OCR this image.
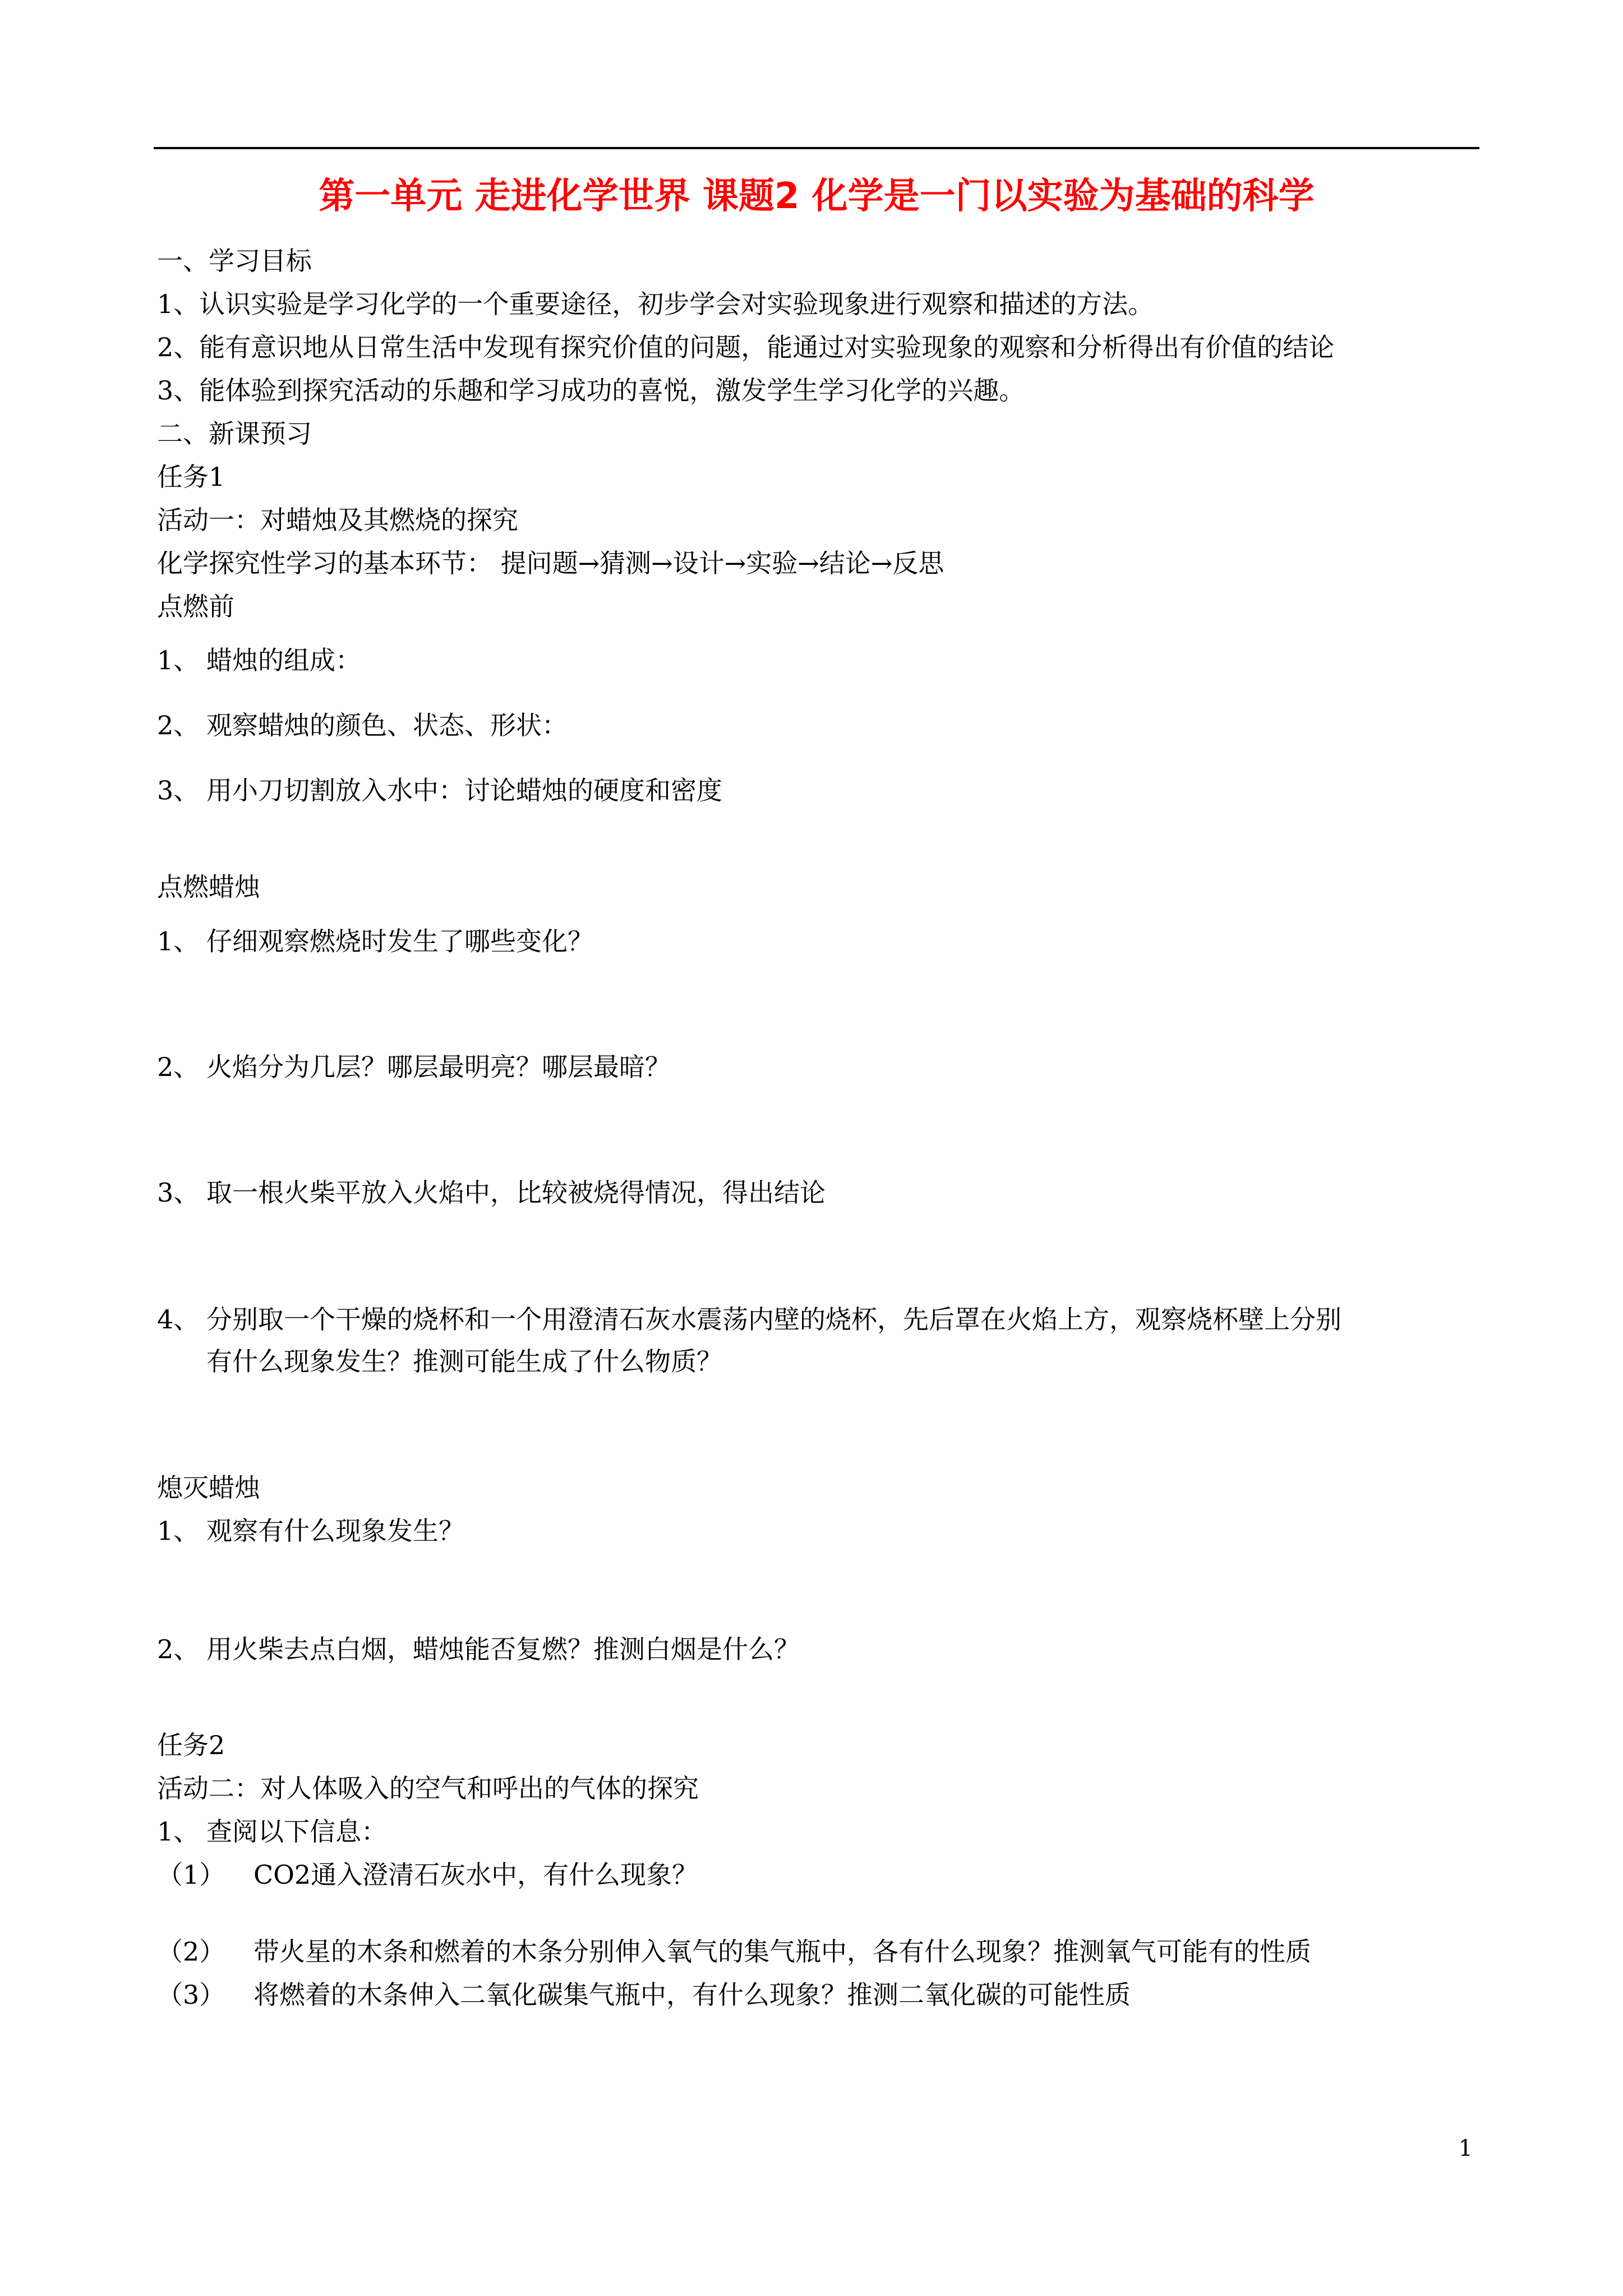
第一单元 走进化学世界 课题2 化学是一门以实验为基础的科学
一、学习目标
1、认识实验是学习化学的一个重要途径，初步学会对实验现象进行观察和描述的方法。
2、能有意识地从日常生活中发现有探究价值的问题，能通过对实验现象的观察和分析得出有价值的结论
3、能体验到探究活动的乐趣和学习成功的喜悦，激发学生学习化学的兴趣。
二、新课预习
任务1
活动一：对蜡烛及其燃烧的探究
化学探究性学习的基本环节： 提问题→猜测→设计→实验→结论→反思
点燃前
1、 蜡烛的组成：
2、 观察蜡烛的颜色、状态、形状：
3、 用小刀切割放入水中：讨论蜡烛的硬度和密度
点燃蜡烛
1、 仔细观察燃烧时发生了哪些变化？
2、 火焰分为几层？哪层最明亮？哪层最暗？
3、 取一根火柴平放入火焰中，比较被烧得情况，得出结论
4、 分别取一个干燥的烧杯和一个用澄清石灰水震荡内壁的烧杯，先后罩在火焰上方，观察烧杯壁上分别
有什么现象发生？推测可能生成了什么物质？
熄灭蜡烛
1、 观察有什么现象发生？
2、 用火柴去点白烟，蜡烛能否复燃？推测白烟是什么？
任务2
活动二：对人体吸入的空气和呼出的气体的探究
1、 查阅以下信息：
（1） CO2通入澄清石灰水中，有什么现象？
（2） 带火星的木条和燃着的木条分别伸入氧气的集气瓶中，各有什么现象？推测氧气可能有的性质
（3） 将燃着的木条伸入二氧化碳集气瓶中，有什么现象？推测二氧化碳的可能性质
1
